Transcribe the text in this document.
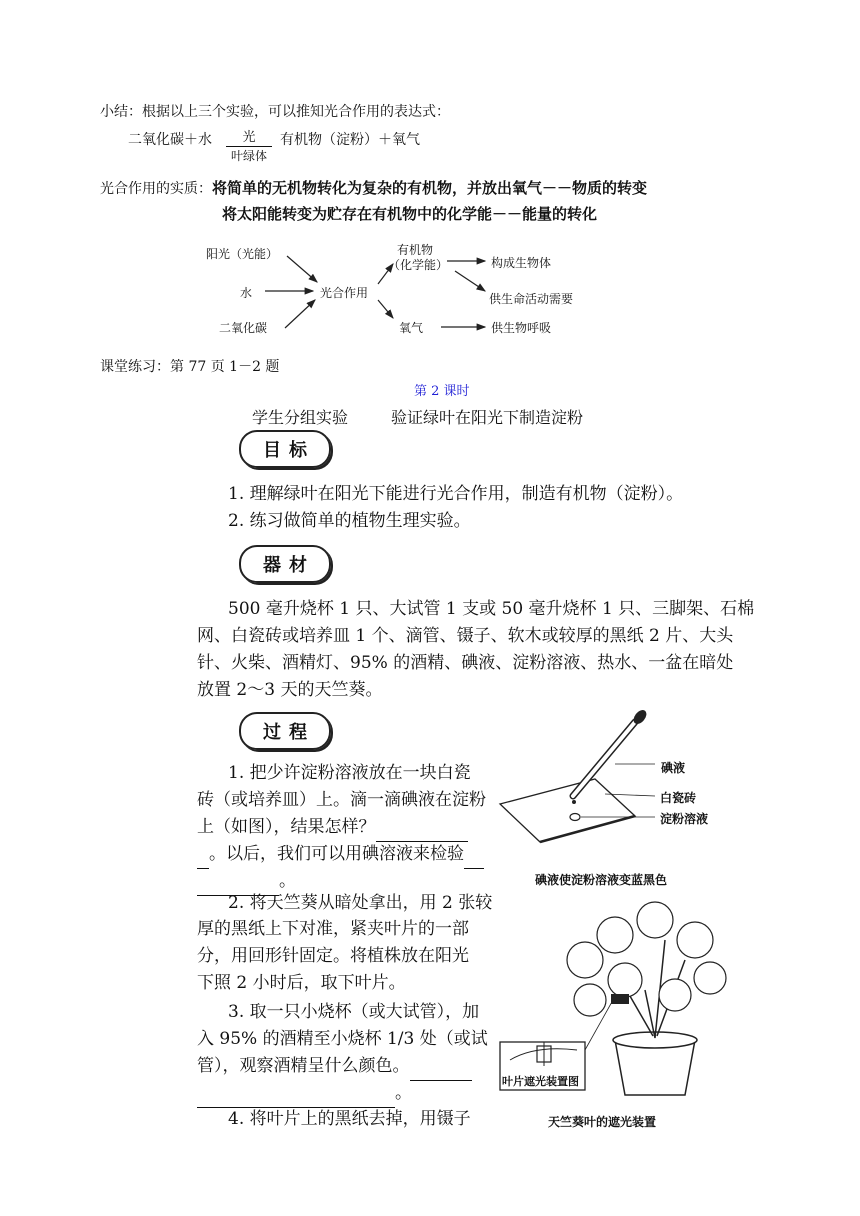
小结：根据以上三个实验，可以推知光合作用的表达式：
二氧化碳＋水	光
叶绿体
有机物（淀粉）＋氧气
光合作用的实质：将简单的无机物转化为复杂的有机物，并放出氧气－－物质的转变
将太阳能转变为贮存在有机物中的化学能－－能量的转化
阳光（光能）
水
二氧化碳
光合作用
有机物
（化学能）
氧气
构成生物体
供生命活动需要
供生物呼吸
课堂练习：第 77 页 1－2 题
第 2 课时
学生分组实验	验证绿叶在阳光下制造淀粉
目标
1. 理解绿叶在阳光下能进行光合作用，制造有机物（淀粉）。
2. 练习做简单的植物生理实验。
器材
500 毫升烧杯 1 只、大试管 1 支或 50 毫升烧杯 1 只、三脚架、石棉
网、白瓷砖或培养皿 1 个、滴管、镊子、软木或较厚的黑纸 2 片、大头
针、火柴、酒精灯、95% 的酒精、碘液、淀粉溶液、热水、一盆在暗处
放置 2～3 天的天竺葵。
过程
1. 把少许淀粉溶液放在一块白瓷
砖（或培养皿）上。滴一滴碘液在淀粉
上（如图），结果怎样？
。以后，我们可以用碘溶液来检验
。
2. 将天竺葵从暗处拿出，用 2 张较
厚的黑纸上下对准，紧夹叶片的一部
分，用回形针固定。将植株放在阳光
下照 2 小时后，取下叶片。
3. 取一只小烧杯（或大试管），加
入 95% 的酒精至小烧杯 1/3 处（或试
管），观察酒精呈什么颜色。
。
4. 将叶片上的黑纸去掉，用镊子
碘液
白瓷砖
淀粉溶液
碘液使淀粉溶液变蓝黑色
叶片遮光装置图
天竺葵叶的遮光装置
